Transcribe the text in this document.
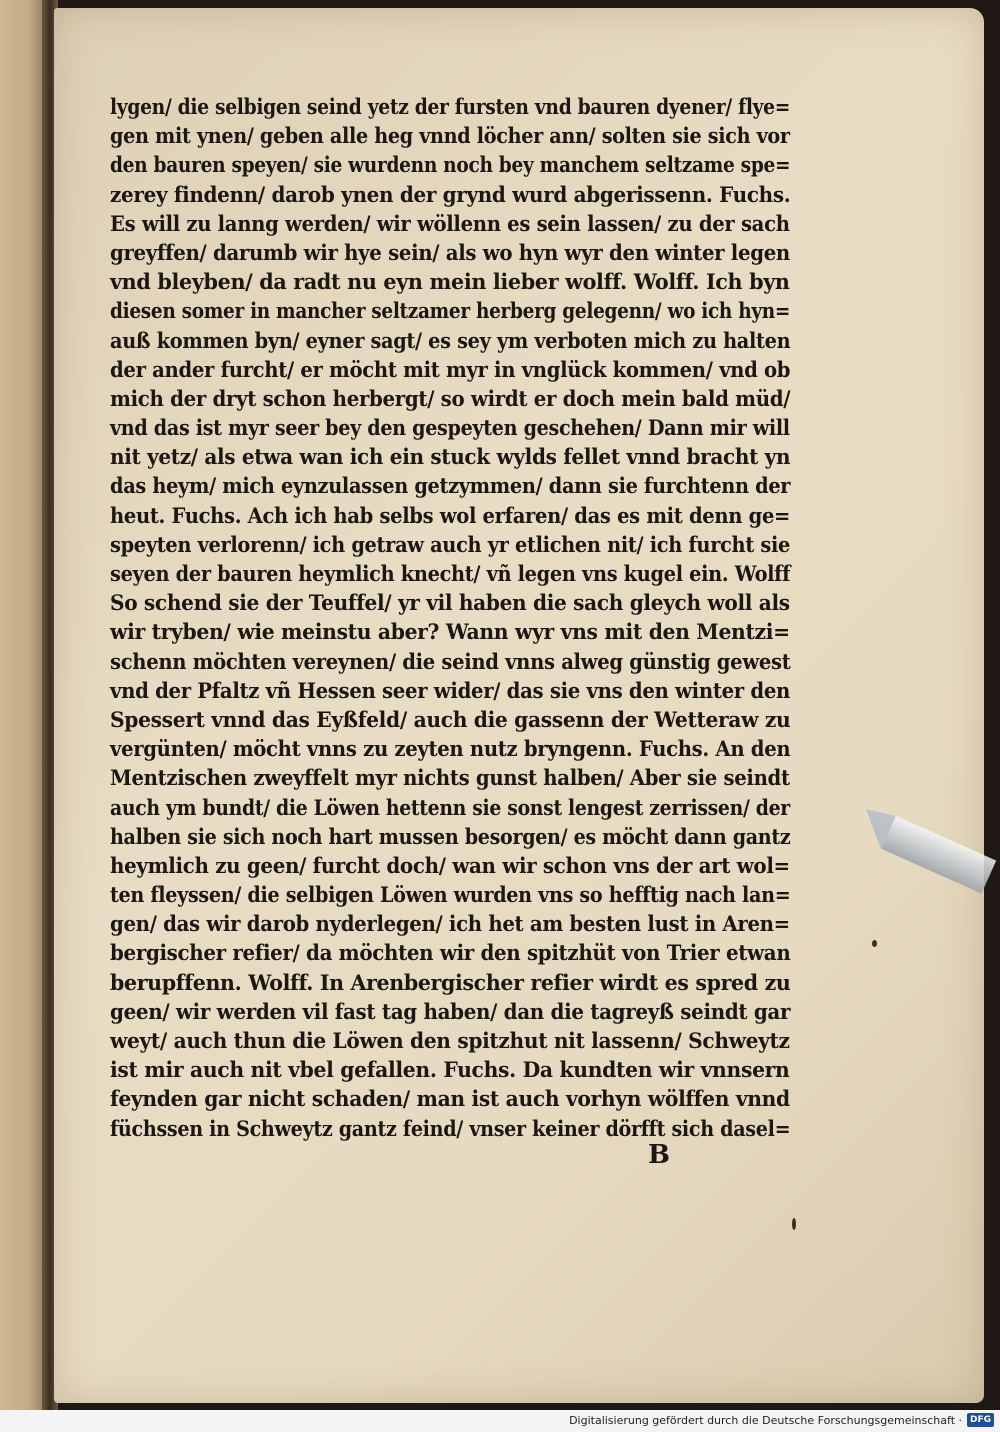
lygen/ die selbigen seind yetz der fursten vnd bauren dyener/ flye=
gen mit ynen/ geben alle heg vnnd löcher ann/ solten sie sich vor
den bauren speyen/ sie wurdenn noch bey manchem seltzame spe=
zerey findenn/ darob ynen der grynd wurd abgerissenn. Fuchs.
Es will zu lanng werden/ wir wöllenn es sein lassen/ zu der sach
greyffen/ darumb wir hye sein/ als wo hyn wyr den winter legen
vnd bleyben/ da radt nu eyn mein lieber wolff. Wolff. Ich byn
diesen somer in mancher seltzamer herberg gelegenn/ wo ich hyn=
auß kommen byn/ eyner sagt/ es sey ym verboten mich zu halten
der ander furcht/ er möcht mit myr in vnglück kommen/ vnd ob
mich der dryt schon herbergt/ so wirdt er doch mein bald müd/
vnd das ist myr seer bey den gespeyten geschehen/ Dann mir will
nit yetz/ als etwa wan ich ein stuck wylds fellet vnnd bracht yn
das heym/ mich eynzulassen getzymmen/ dann sie furchtenn der
heut. Fuchs. Ach ich hab selbs wol erfaren/ das es mit denn ge=
speyten verlorenn/ ich getraw auch yr etlichen nit/ ich furcht sie
seyen der bauren heymlich knecht/ vñ legen vns kugel ein. Wolff
So schend sie der Teuffel/ yr vil haben die sach gleych woll als
wir tryben/ wie meinstu aber? Wann wyr vns mit den Mentzi=
schenn möchten vereynen/ die seind vnns alweg günstig gewest
vnd der Pfaltz vñ Hessen seer wider/ das sie vns den winter den
Spessert vnnd das Eyßfeld/ auch die gassenn der Wetteraw zu
vergünten/ möcht vnns zu zeyten nutz bryngenn. Fuchs. An den
Mentzischen zweyffelt myr nichts gunst halben/ Aber sie seindt
auch ym bundt/ die Löwen hettenn sie sonst lengest zerrissen/ der
halben sie sich noch hart mussen besorgen/ es möcht dann gantz
heymlich zu geen/ furcht doch/ wan wir schon vns der art wol=
ten fleyssen/ die selbigen Löwen wurden vns so hefftig nach lan=
gen/ das wir darob nyderlegen/ ich het am besten lust in Aren=
bergischer refier/ da möchten wir den spitzhüt von Trier etwan
berupffenn. Wolff. In Arenbergischer refier wirdt es spred zu
geen/ wir werden vil fast tag haben/ dan die tagreyß seindt gar
weyt/ auch thun die Löwen den spitzhut nit lassenn/ Schweytz
ist mir auch nit vbel gefallen. Fuchs. Da kundten wir vnnsern
feynden gar nicht schaden/ man ist auch vorhyn wölffen vnnd
füchssen in Schweytz gantz feind/ vnser keiner dörfft sich dasel=
B
Digitalisierung gefördert durch die Deutsche Forschungsgemeinschaft · DFG
